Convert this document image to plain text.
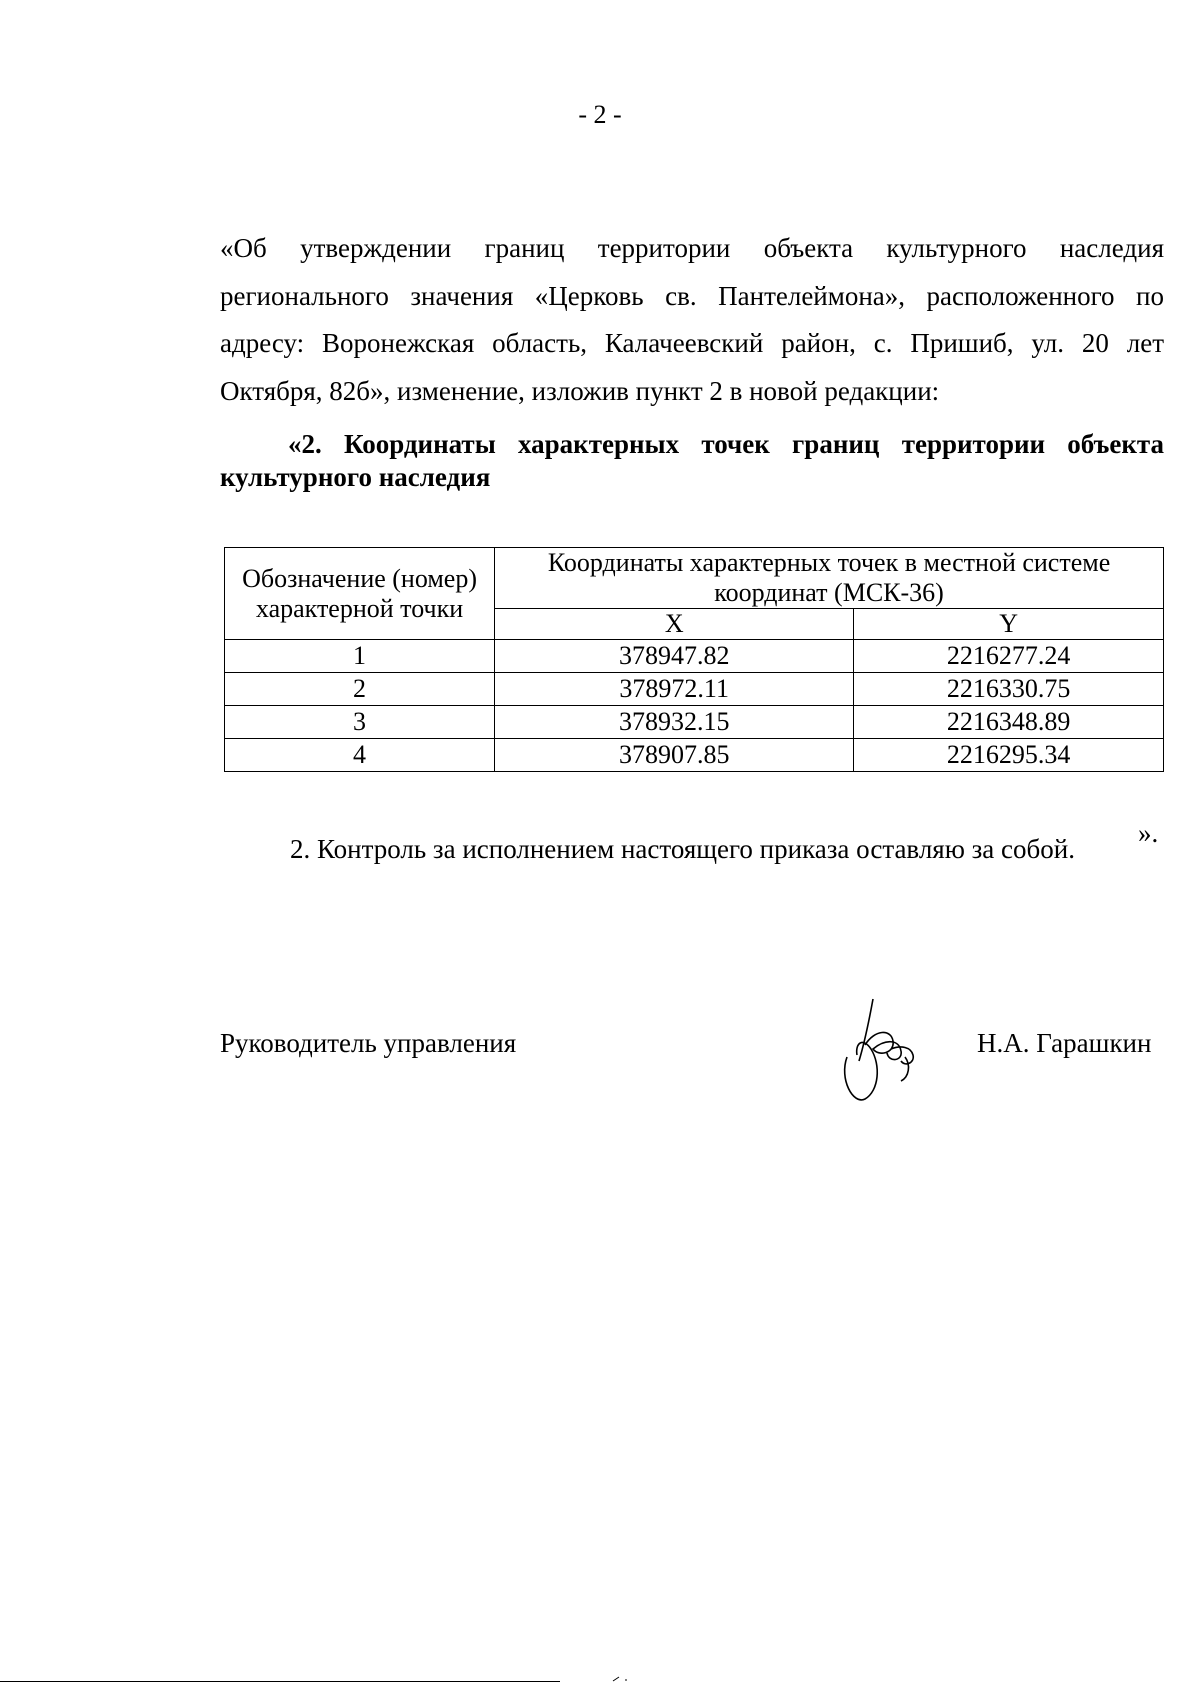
- 2 -
«Об утверждении границ территории объекта культурного наследия
регионального значения «Церковь св. Пантелеймона», расположенного по
адресу: Воронежская область, Калачеевский район, с. Пришиб, ул. 20 лет
Октября, 82б», изменение, изложив пункт 2 в новой редакции:
«2. Координаты характерных точек границ территории объекта
культурного наследия
Обозначение (номер) характерной точки	Координаты характерных точек в местной системе координат (МСК-36)	
	X	Y
1	378947.82	2216277.24
2	378972.11	2216330.75
3	378932.15	2216348.89
4	378907.85	2216295.34
».
2. Контроль за исполнением настоящего приказа оставляю за собой.
Руководитель управления	Н.А. Гарашкин
